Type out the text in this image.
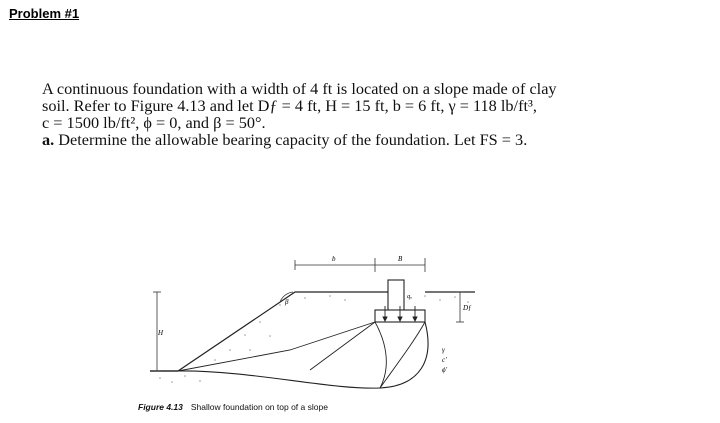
Problem #1

A continuous foundation with a width of 4 ft is located on a slope made of clay

soil. Refer to Figure 4.13 and let Dƒ = 4 ft, H = 15 ft, b = 6 ft, γ = 118 lb/ft³,

c = 1500 lb/ft², ϕ = 0, and β = 50°.

a. Determine the allowable bearing capacity of the foundation. Let FS = 3.

H
β
b	B
qᵤ
Dƒ
γ
c′
ϕ′
Figure 4.13 Shallow foundation on top of a slope
